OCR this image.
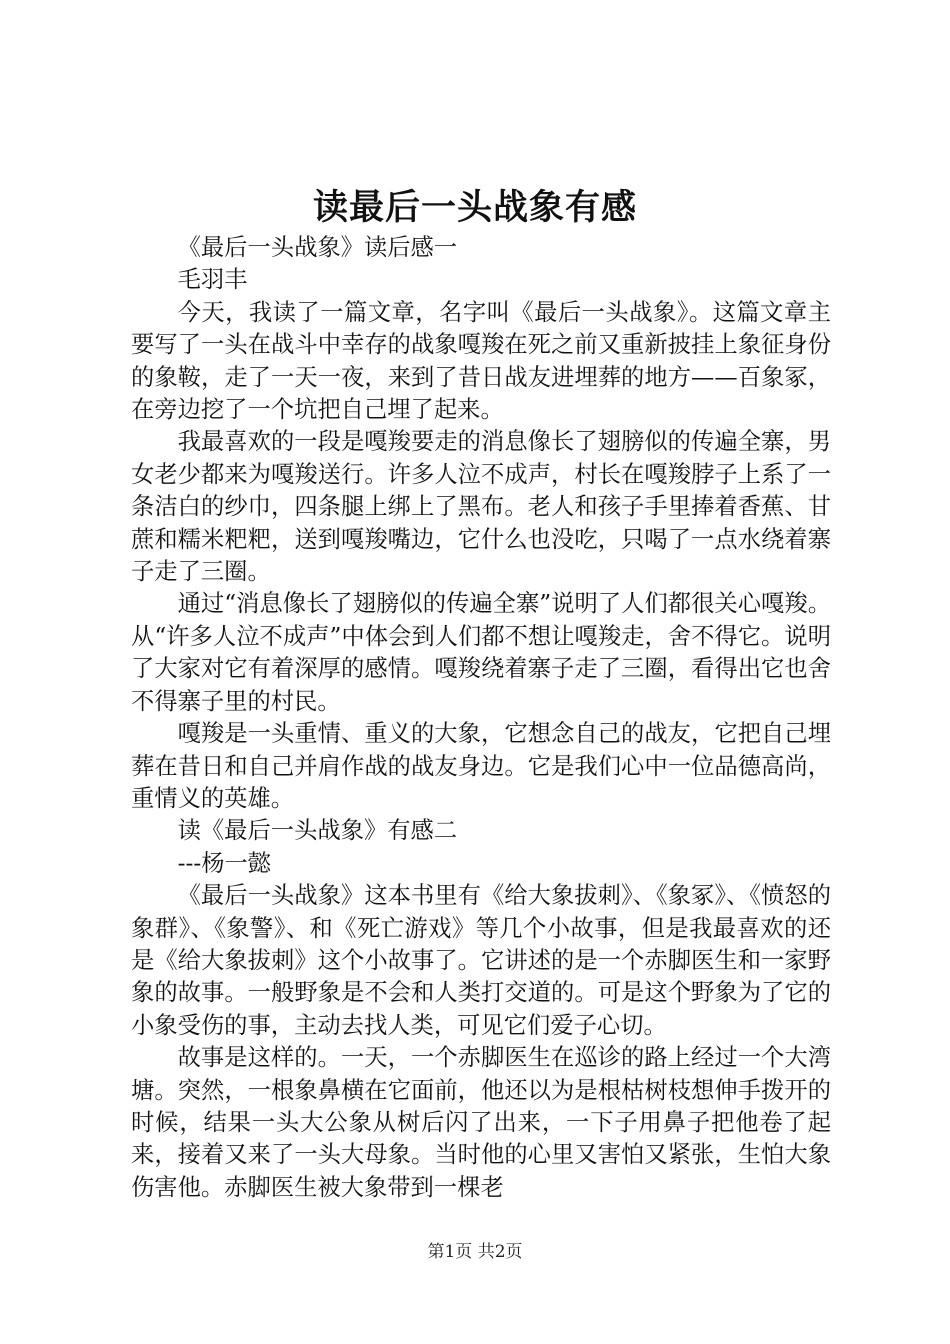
读最后一头战象有感

《最后一头战象》读后感一

毛羽丰

今天，我读了一篇文章，名字叫《最后一头战象》。这篇文章主要写了一头在战斗中幸存的战象嘎羧在死之前又重新披挂上象征身份的象鞍，走了一天一夜，来到了昔日战友进埋葬的地方——百象冢，在旁边挖了一个坑把自己埋了起来。

我最喜欢的一段是嘎羧要走的消息像长了翅膀似的传遍全寨，男女老少都来为嘎羧送行。许多人泣不成声，村长在嘎羧脖子上系了一条洁白的纱巾，四条腿上绑上了黑布。老人和孩子手里捧着香蕉、甘蔗和糯米粑粑，送到嘎羧嘴边，它什么也没吃，只喝了一点水绕着寨子走了三圈。

通过“消息像长了翅膀似的传遍全寨”说明了人们都很关心嘎羧。从“许多人泣不成声”中体会到人们都不想让嘎羧走，舍不得它。说明了大家对它有着深厚的感情。嘎羧绕着寨子走了三圈，看得出它也舍不得寨子里的村民。

嘎羧是一头重情、重义的大象，它想念自己的战友，它把自己埋葬在昔日和自己并肩作战的战友身边。它是我们心中一位品德高尚，重情义的英雄。

读《最后一头战象》有感二

---杨一懿

《最后一头战象》这本书里有《给大象拔刺》、《象冢》、《愤怒的象群》、《象警》、和《死亡游戏》等几个小故事，但是我最喜欢的还是《给大象拔刺》这个小故事了。它讲述的是一个赤脚医生和一家野象的故事。一般野象是不会和人类打交道的。可是这个野象为了它的小象受伤的事，主动去找人类，可见它们爱子心切。

故事是这样的。一天，一个赤脚医生在巡诊的路上经过一个大湾塘。突然，一根象鼻横在它面前，他还以为是根枯树枝想伸手拨开的时候，结果一头大公象从树后闪了出来，一下子用鼻子把他卷了起来，接着又来了一头大母象。当时他的心里又害怕又紧张，生怕大象伤害他。赤脚医生被大象带到一棵老

第1页 共2页
